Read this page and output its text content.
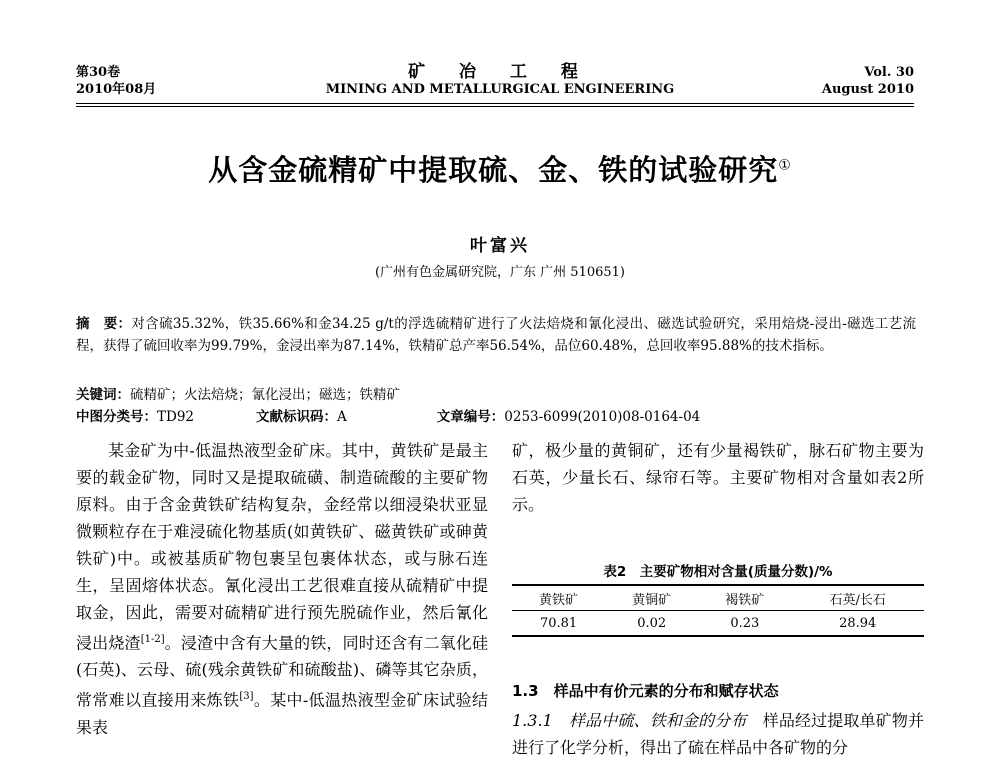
第30卷
2010年08月
矿 冶 工 程
MINING AND METALLURGICAL ENGINEERING
Vol. 30
August 2010
从含金硫精矿中提取硫、金、铁的试验研究①
叶富兴
(广州有色金属研究院，广东 广州 510651)
摘　要：对含硫35.32%，铁35.66%和金34.25 g/t的浮选硫精矿进行了火法焙烧和氰化浸出、磁选试验研究，采用焙烧-浸出-磁选工艺流程，获得了硫回收率为99.79%，金浸出率为87.14%，铁精矿总产率56.54%，品位60.48%，总回收率95.88%的技术指标。
关键词：硫精矿；火法焙烧；氰化浸出；磁选；铁精矿
中图分类号：TD92	文献标识码：A	文章编号：0253-6099(2010)08-0164-04
某金矿为中-低温热液型金矿床。其中，黄铁矿是最主要的载金矿物，同时又是提取硫磺、制造硫酸的主要矿物原料。由于含金黄铁矿结构复杂，金经常以细浸染状亚显微颗粒存在于难浸硫化物基质(如黄铁矿、磁黄铁矿或砷黄铁矿)中。或被基质矿物包裹呈包裹体状态，或与脉石连生，呈固熔体状态。氰化浸出工艺很难直接从硫精矿中提取金，因此，需要对硫精矿进行预先脱硫作业，然后氰化浸出烧渣[1-2]。浸渣中含有大量的铁，同时还含有二氧化硅(石英)、云母、硫(残余黄铁矿和硫酸盐)、磷等其它杂质，常常难以直接用来炼铁[3]。某中-低温热液型金矿床试验结果表
矿，极少量的黄铜矿，还有少量褐铁矿，脉石矿物主要为石英，少量长石、绿帘石等。主要矿物相对含量如表2所示。
表2　主要矿物相对含量(质量分数)/%
黄铁矿	黄铜矿	褐铁矿	石英/长石
70.81	0.02	0.23	28.94
1.3　样品中有价元素的分布和赋存状态
1.3.1　样品中硫、铁和金的分布　 样品经过提取单矿物并进行了化学分析，得出了硫在样品中各矿物的分
